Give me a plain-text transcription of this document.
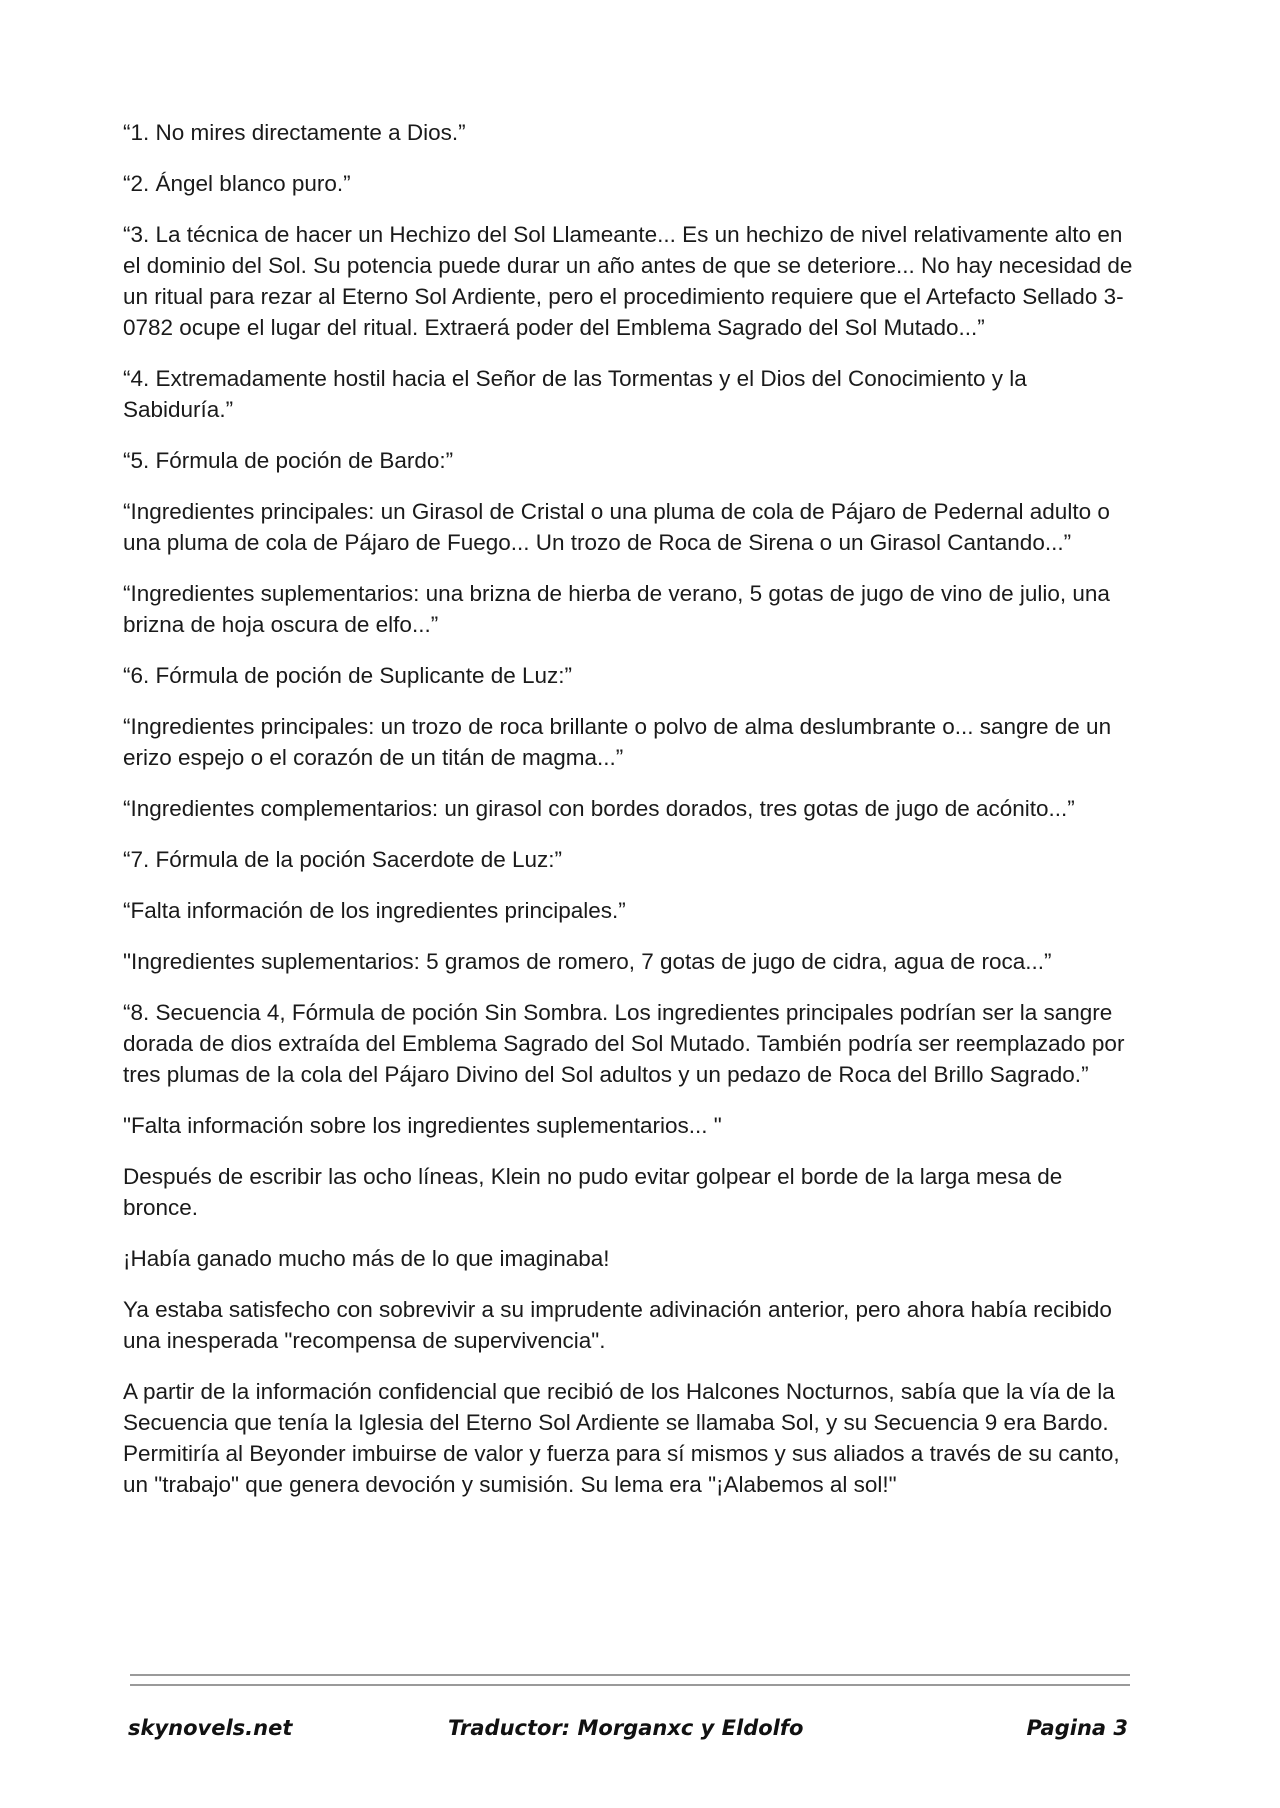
“1. No mires directamente a Dios.”

“2. Ángel blanco puro.”

“3. La técnica de hacer un Hechizo del Sol Llameante... Es un hechizo de nivel relativamente alto en el dominio del Sol. Su potencia puede durar un año antes de que se deteriore... No hay necesidad de un ritual para rezar al Eterno Sol Ardiente, pero el procedimiento requiere que el Artefacto Sellado 3-0782 ocupe el lugar del ritual. Extraerá poder del Emblema Sagrado del Sol Mutado...”

“4. Extremadamente hostil hacia el Señor de las Tormentas y el Dios del Conocimiento y la Sabiduría.”

“5. Fórmula de poción de Bardo:”

“Ingredientes principales: un Girasol de Cristal o una pluma de cola de Pájaro de Pedernal adulto o una pluma de cola de Pájaro de Fuego... Un trozo de Roca de Sirena o un Girasol Cantando...”

“Ingredientes suplementarios: una brizna de hierba de verano, 5 gotas de jugo de vino de julio, una brizna de hoja oscura de elfo...”

“6. Fórmula de poción de Suplicante de Luz:”

“Ingredientes principales: un trozo de roca brillante o polvo de alma deslumbrante o... sangre de un erizo espejo o el corazón de un titán de magma...”

“Ingredientes complementarios: un girasol con bordes dorados, tres gotas de jugo de acónito...”

“7. Fórmula de la poción Sacerdote de Luz:”

“Falta información de los ingredientes principales.”

"Ingredientes suplementarios: 5 gramos de romero, 7 gotas de jugo de cidra, agua de roca...”

“8. Secuencia 4, Fórmula de poción Sin Sombra. Los ingredientes principales podrían ser la sangre dorada de dios extraída del Emblema Sagrado del Sol Mutado. También podría ser reemplazado por tres plumas de la cola del Pájaro Divino del Sol adultos y un pedazo de Roca del Brillo Sagrado.”

"Falta información sobre los ingredientes suplementarios... "

Después de escribir las ocho líneas, Klein no pudo evitar golpear el borde de la larga mesa de bronce.

¡Había ganado mucho más de lo que imaginaba!

Ya estaba satisfecho con sobrevivir a su imprudente adivinación anterior, pero ahora había recibido una inesperada "recompensa de supervivencia".

A partir de la información confidencial que recibió de los Halcones Nocturnos, sabía que la vía de la Secuencia que tenía la Iglesia del Eterno Sol Ardiente se llamaba Sol, y su Secuencia 9 era Bardo. Permitiría al Beyonder imbuirse de valor y fuerza para sí mismos y sus aliados a través de su canto, un "trabajo" que genera devoción y sumisión. Su lema era "¡Alabemos al sol!"

skynovels.net	Traductor: Morganxc y Eldolfo	Pagina 3
